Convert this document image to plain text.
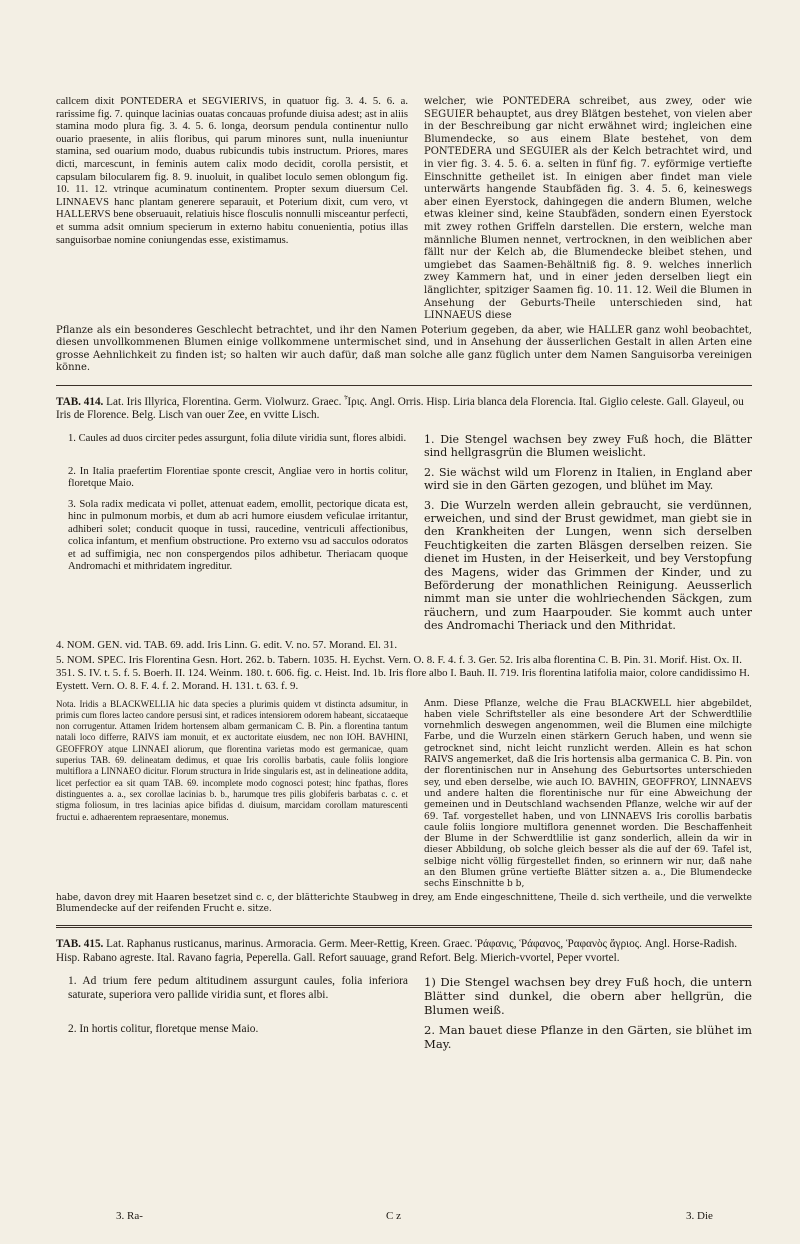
callcem dixit PONTEDERA et SEGVIERIVS, in quatuor fig. 3. 4. 5. 6. a. rarissime fig. 7. quinque lacinias ouatas concauas profunde diuisa adest; ast in aliis stamina modo plura fig. 3. 4. 5. 6. longa, deorsum pendula continentur nullo ouario praesente, in aliis floribus, qui parum minores sunt, nulla inueniuntur stamina, sed ouarium modo, duabus rubicundis tubis instructum. Priores, mares dicti, marcescunt, in feminis autem calix modo decidit, corolla persistit, et capsulam bilocularem fig. 8. 9. inuoluit, in qualibet loculo semen oblongum fig. 10. 11. 12. vtrinque acuminatum continentem. Propter sexum diuersum Cel. LINNAEVS hanc plantam generere separauit, et Poterium dixit, cum vero, vt HALLERVS bene obseruauit, relatiuis hisce flosculis nonnulli misceantur perfecti, et summa adsit omnium specierum in externo habitu conuenientia, potius illas sanguisorbae nomine coniungendas esse, existimamus.

welcher, wie PONTEDERA schreibet, aus zwey, oder wie SEGUIER behauptet, aus drey Blätgen bestehet, von vielen aber in der Beschreibung gar nicht erwähnet wird; ingleichen eine Blumendecke, so aus einem Blate bestehet, von dem PONTEDERA und SEGUIER als der Kelch betrachtet wird, und in vier fig. 3. 4. 5. 6. a. selten in fünf fig. 7. eyförmige vertiefte Einschnitte getheilet ist. In einigen aber findet man viele unterwärts hangende Staubfäden fig. 3. 4. 5. 6, keineswegs aber einen Eyerstock, dahingegen die andern Blumen, welche etwas kleiner sind, keine Staubfäden, sondern einen Eyerstock mit zwey rothen Griffeln darstellen. Die erstern, welche man männliche Blumen nennet, vertrocknen, in den weiblichen aber fällt nur der Kelch ab, die Blumendecke bleibet stehen, und umgiebet das Saamen-Behältniß fig. 8. 9. welches innerlich zwey Kammern hat, und in einer jeden derselben liegt ein länglichter, spitziger Saamen fig. 10. 11. 12. Weil die Blumen in Ansehung der Geburts-Theile unterschieden sind, hat LINNAEUS diese

Pflanze als ein besonderes Geschlecht betrachtet, und ihr den Namen Poterium gegeben, da aber, wie HALLER ganz wohl beobachtet, diesen unvollkommenen Blumen einige vollkommene untermischet sind, und in Ansehung der äusserlichen Gestalt in allen Arten eine grosse Aehnlichkeit zu finden ist; so halten wir auch dafür, daß man solche alle ganz füglich unter dem Namen Sanguisorba vereinigen könne.

TAB. 414. Lat. Iris Illyrica, Florentina. Germ. Violwurz. Graec. Ἶρις. Angl. Orris. Hisp. Liria blanca dela Florencia. Ital. Giglio celeste. Gall. Glayeul, ou Iris de Florence. Belg. Lisch van ouer Zee, en vvitte Lisch.

1. Caules ad duos circiter pedes assurgunt, folia dilute viridia sunt, flores albidi. 1. Die Stengel wachsen bey zwey Fuß hoch, die Blätter sind hellgrasgrün die Blumen weislicht.

2. In Italia praefertim Florentiae sponte crescit, Angliae vero in hortis colitur, floretque Maio.

2. Sie wächst wild um Florenz in Italien, in England aber wird sie in den Gärten gezogen, und blühet im May.

3. Sola radix medicata vi pollet, attenuat eadem, emollit, pectorique dicata est, hinc in pulmonum morbis, et dum ab acri humore eiusdem veficulae irritantur, adhiberi solet; conducit quoque in tussi, raucedine, ventriculi affectionibus, colica infantum, et menfium obstructione. Pro externo vsu ad sacculos odoratos et ad suffimigia, nec non conspergendos pilos adhibetur. Theriacam quoque Andromachi et mithridatem ingreditur.

3. Die Wurzeln werden allein gebraucht, sie verdünnen, erweichen, und sind der Brust gewidmet, man giebt sie in den Krankheiten der Lungen, wenn sich derselben Feuchtigkeiten die zarten Bläsgen derselben reizen. Sie dienet im Husten, in der Heiserkeit, und bey Verstopfung des Magens, wider das Grimmen der Kinder, und zu Beförderung der monathlichen Reinigung. Aeusserlich nimmt man sie unter die wohlriechenden Säckgen, zum räuchern, und zum Haarpouder. Sie kommt auch unter des Andromachi Theriack und den Mithridat.

4. NOM. GEN. vid. TAB. 69. add. Iris Linn. G. edit. V. no. 57. Morand. El. 31.

5. NOM. SPEC. Iris Florentina Gesn. Hort. 262. b. Tabern. 1035. H. Eychst. Vern. O. 8. F. 4. f. 3. Ger. 52. Iris alba florentina C. B. Pin. 31. Morif. Hist. Ox. II. 351. S. IV. t. 5. f. 5. Boerh. II. 124. Weinm. 180. t. 606. fig. c. Heist. Ind. 1b. Iris flore albo I. Bauh. II. 719. Iris florentina latifolia maior, colore candidissimo H. Eystett. Vern. O. 8. F. 4. f. 2. Morand. H. 131. t. 63. f. 9.

Nota. Iridis a BLACKWELLIA hic data species a plurimis quidem vt distincta adsumitur, in primis cum flores lacteo candore persusi sint, et radices intensiorem odorem habeant, siccataeque non corrugentur. Attamen Iridem hortensem albam germanicam C. B. Pin. a florentina tantum natali loco differre, RAIVS iam monuit, et ex auctoritate eiusdem, nec non IOH. BAVHINI, GEOFFROY atque LINNAEI aliorum, que florentina varietas modo est germanicae, quam superius TAB. 69. delineatam dedimus, et quae Iris corollis barbatis, caule foliis longiore multiflora a LINNAEO dicitur. Florum structura in Iride singularis est, ast in delineatione addita, licet perfectior ea sit quam TAB. 69. incomplete modo cognosci potest; hinc fpathas, flores distinguentes a. a., sex corollae lacinias b. b., harumque tres pilis globiferis barbatas c. c. et stigma foliosum, in tres lacinias apice bifidas d. diuisum, marcidam corollam maturescenti fructui e. adhaerentem repraesentare, monemus.

Anm. Diese Pflanze, welche die Frau BLACKWELL hier abgebildet, haben viele Schriftsteller als eine besondere Art der Schwerdtlilie vornehmlich deswegen angenommen, weil die Blumen eine milchigte Farbe, und die Wurzeln einen stärkern Geruch haben, und wenn sie getrocknet sind, nicht leicht runzlicht werden. Allein es hat schon RAIVS angemerket, daß die Iris hortensis alba germanica C. B. Pin. von der florentinischen nur in Ansehung des Geburtsortes unterschieden sey, und eben derselbe, wie auch IO. BAVHIN, GEOFFROY, LINNAEVS und andere halten die florentinische nur für eine Abweichung der gemeinen und in Deutschland wachsenden Pflanze, welche wir auf der 69. Taf. vorgestellet haben, und von LINNAEVS Iris corollis barbatis caule foliis longiore multiflora genennet worden. Die Beschaffenheit der Blume in der Schwerdtlilie ist ganz sonderlich, allein da wir in dieser Abbildung, ob solche gleich besser als die auf der 69. Tafel ist, selbige nicht völlig fürgestellet finden, so erinnern wir nur, daß nahe an den Blumen grüne vertiefte Blätter sitzen a. a., Die Blumendecke sechs Einschnitte b b,

habe, davon drey mit Haaren besetzet sind c. c, der blätterichte Staubweg in drey, am Ende eingeschnittene, Theile d. sich vertheile, und die verwelkte Blumendecke auf der reifenden Frucht e. sitze.

TAB. 415. Lat. Raphanus rusticanus, marinus. Armoracia. Germ. Meer-Rettig, Kreen. Graec. Ῥάφανις, Ῥάφανος, Ῥαφανὸς ἄγριος. Angl. Horse-Radish. Hisp. Rabano agreste. Ital. Ravano fagria, Peperella. Gall. Refort sauuage, grand Refort. Belg. Mierich-vvortel, Peper vvortel.

1. Ad trium fere pedum altitudinem assurgunt caules, folia inferiora saturate, superiora vero pallide viridia sunt, et flores albi.

1) Die Stengel wachsen bey drey Fuß hoch, die untern Blätter sind dunkel, die obern aber hellgrün, die Blumen weiß.

2. In hortis colitur, floretque mense Maio.	2. Man bauet diese Pflanze in den Gärten, sie blühet im May.

3. Ra-	C z	3. Die
